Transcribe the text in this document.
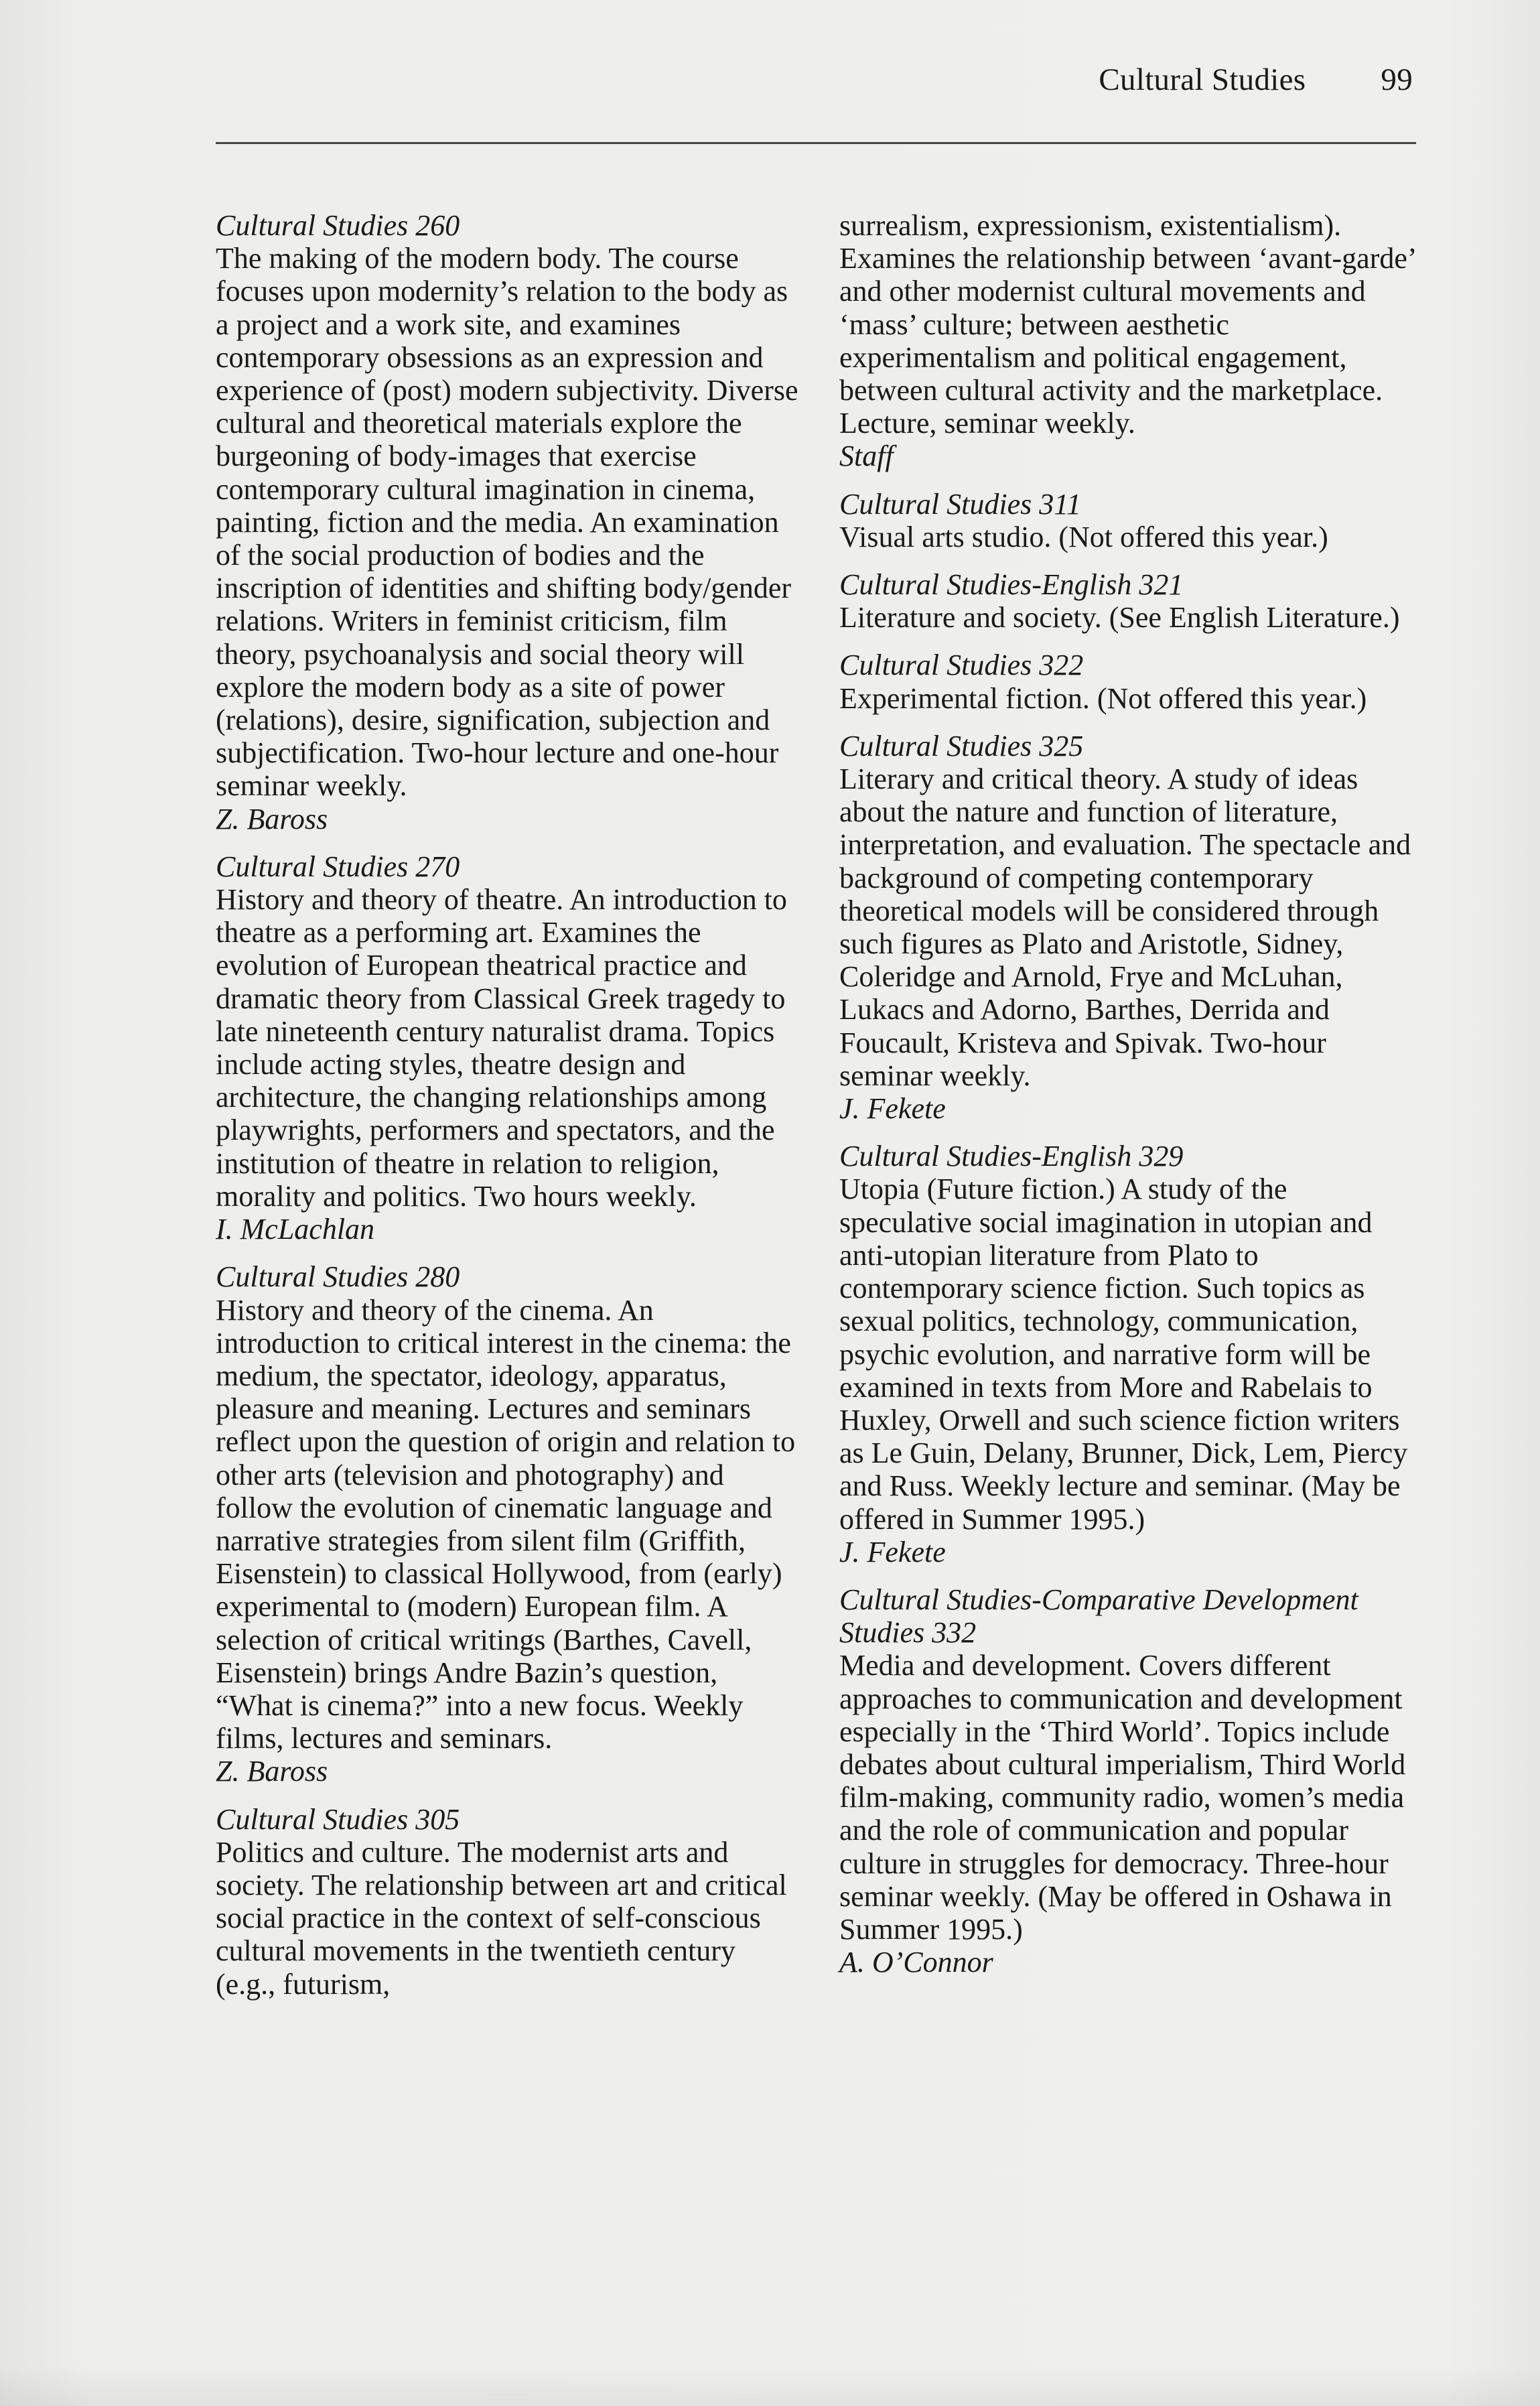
Cultural Studies 99
Cultural Studies 260
The making of the modern body. The course focuses upon modernity’s relation to the body as a project and a work site, and examines contemporary obsessions as an expression and experience of (post) modern subjectivity. Diverse cultural and theoretical materials explore the burgeoning of body-images that exercise contemporary cultural imagination in cinema, painting, fiction and the media. An examination of the social production of bodies and the inscription of identities and shifting body/gender relations. Writers in feminist criticism, film theory, psychoanalysis and social theory will explore the modern body as a site of power (relations), desire, signification, subjection and subjectification. Two-hour lecture and one-hour seminar weekly.
Z. Baross
Cultural Studies 270
History and theory of theatre. An introduction to theatre as a performing art. Examines the evolution of European theatrical practice and dramatic theory from Classical Greek tragedy to late nineteenth century naturalist drama. Topics include acting styles, theatre design and architecture, the changing relationships among playwrights, performers and spectators, and the institution of theatre in relation to religion, morality and politics. Two hours weekly.
I. McLachlan
Cultural Studies 280
History and theory of the cinema. An introduction to critical interest in the cinema: the medium, the spectator, ideology, apparatus, pleasure and meaning. Lectures and seminars reflect upon the question of origin and relation to other arts (television and photography) and follow the evolution of cinematic language and narrative strategies from silent film (Griffith, Eisenstein) to classical Hollywood, from (early) experimental to (modern) European film. A selection of critical writings (Barthes, Cavell, Eisenstein) brings Andre Bazin’s question, “What is cinema?” into a new focus. Weekly films, lectures and seminars.
Z. Baross
Cultural Studies 305
Politics and culture. The modernist arts and society. The relationship between art and critical social practice in the context of self-conscious cultural movements in the twentieth century (e.g., futurism,
surrealism, expressionism, existentialism). Examines the relationship between ‘avant-garde’ and other modernist cultural movements and ‘mass’ culture; between aesthetic experimentalism and political engagement, between cultural activity and the marketplace. Lecture, seminar weekly.
Staff
Cultural Studies 311
Visual arts studio. (Not offered this year.)
Cultural Studies-English 321
Literature and society. (See English Literature.)
Cultural Studies 322
Experimental fiction. (Not offered this year.)
Cultural Studies 325
Literary and critical theory. A study of ideas about the nature and function of literature, interpretation, and evaluation. The spectacle and background of competing contemporary theoretical models will be considered through such figures as Plato and Aristotle, Sidney, Coleridge and Arnold, Frye and McLuhan, Lukacs and Adorno, Barthes, Derrida and Foucault, Kristeva and Spivak. Two-hour seminar weekly.
J. Fekete
Cultural Studies-English 329
Utopia (Future fiction.) A study of the speculative social imagination in utopian and anti-utopian literature from Plato to contemporary science fiction. Such topics as sexual politics, technology, communication, psychic evolution, and narrative form will be examined in texts from More and Rabelais to Huxley, Orwell and such science fiction writers as Le Guin, Delany, Brunner, Dick, Lem, Piercy and Russ. Weekly lecture and seminar. (May be offered in Summer 1995.)
J. Fekete
Cultural Studies-Comparative Development Studies 332
Media and development. Covers different approaches to communication and development especially in the ‘Third World’. Topics include debates about cultural imperialism, Third World film-making, community radio, women’s media and the role of communication and popular culture in struggles for democracy. Three-hour seminar weekly. (May be offered in Oshawa in Summer 1995.)
A. O’Connor
